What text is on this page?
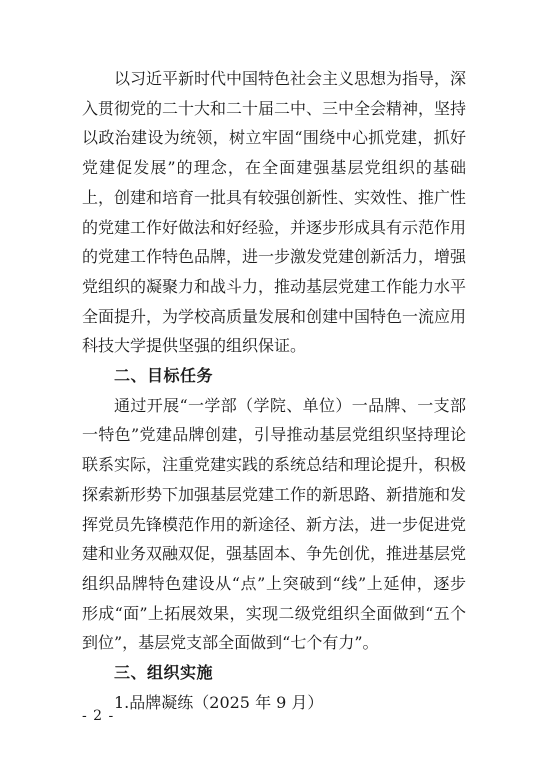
以习近平新时代中国特色社会主义思想为指导，深入贯彻党的二十大和二十届二中、三中全会精神，坚持以政治建设为统领，树立牢固“围绕中心抓党建，抓好党建促发展”的理念，在全面建强基层党组织的基础上，创建和培育一批具有较强创新性、实效性、推广性的党建工作好做法和好经验，并逐步形成具有示范作用的党建工作特色品牌，进一步激发党建创新活力，增强党组织的凝聚力和战斗力，推动基层党建工作能力水平全面提升，为学校高质量发展和创建中国特色一流应用科技大学提供坚强的组织保证。

二、目标任务

通过开展“一学部（学院、单位）一品牌、一支部一特色”党建品牌创建，引导推动基层党组织坚持理论联系实际，注重党建实践的系统总结和理论提升，积极探索新形势下加强基层党建工作的新思路、新措施和发挥党员先锋模范作用的新途径、新方法，进一步促进党建和业务双融双促，强基固本、争先创优，推进基层党组织品牌特色建设从“点”上突破到“线”上延伸，逐步形成“面”上拓展效果，实现二级党组织全面做到“五个到位”，基层党支部全面做到“七个有力”。

三、组织实施

1.品牌凝练（2025 年 9 月）

- 2 -
